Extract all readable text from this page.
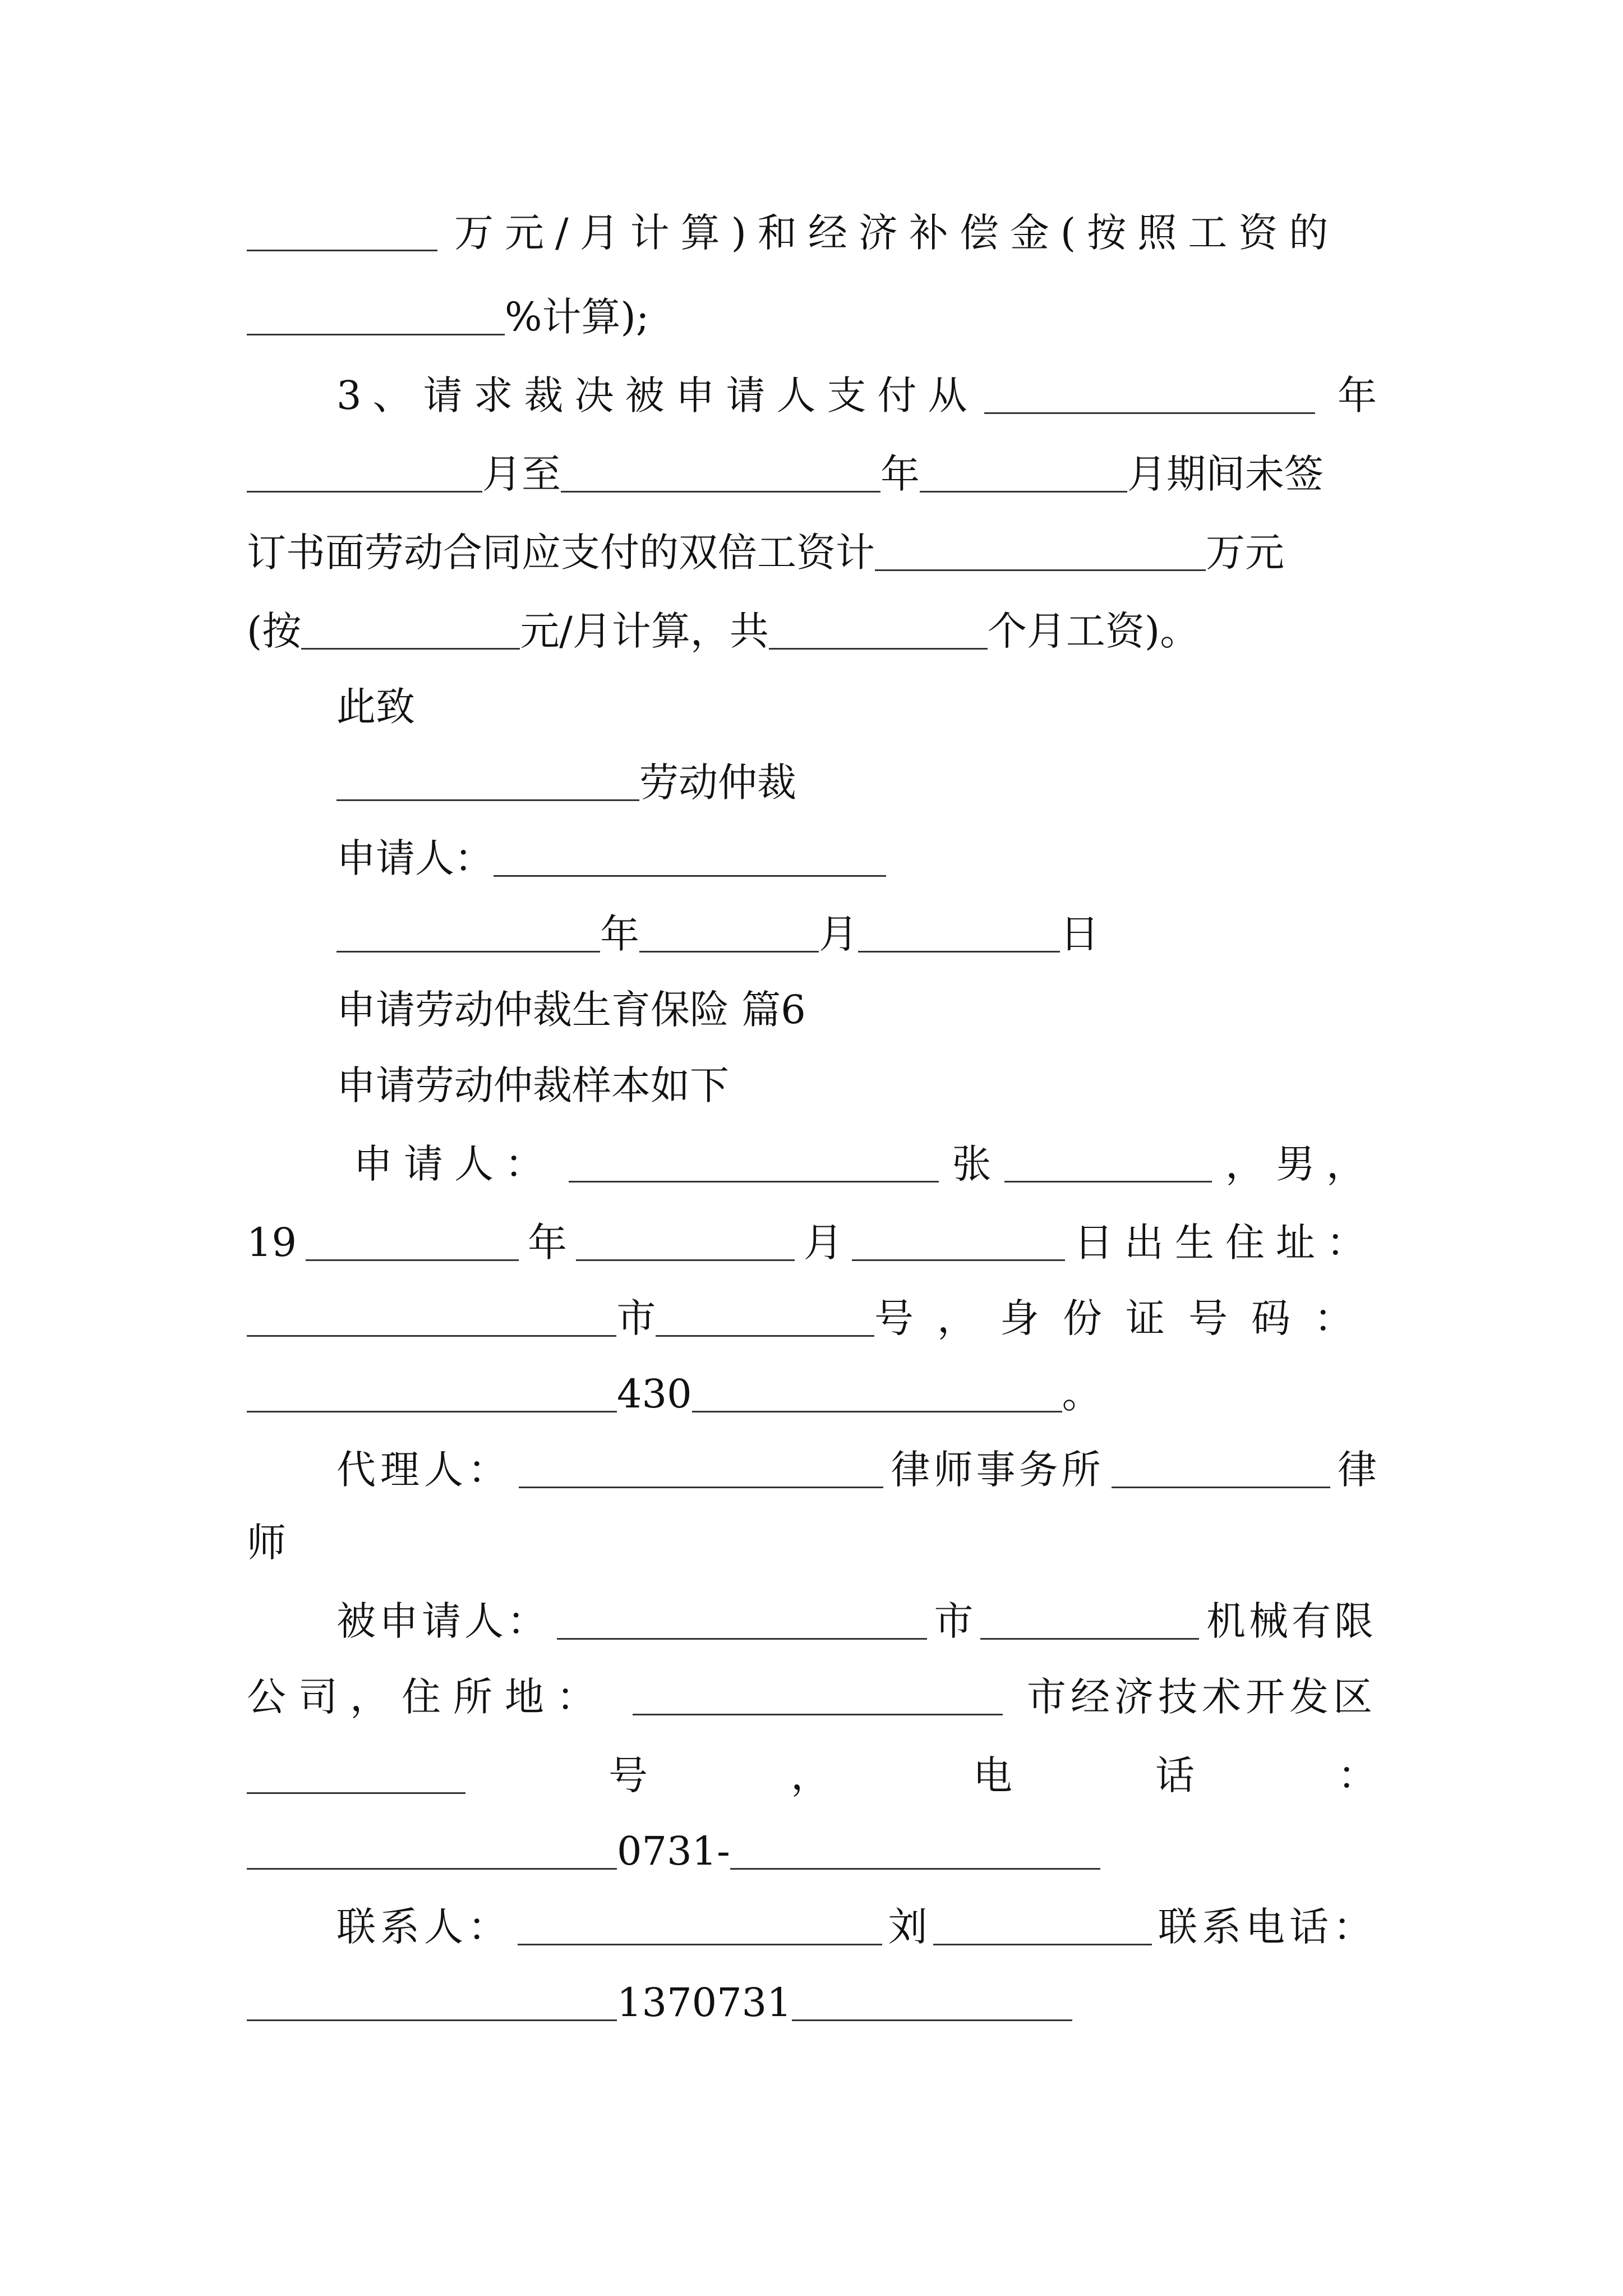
万元/月计算)和经济补偿金(按照工资的
%计算);
3、请求裁决被申请人支付从	年
月至	年	月期间未签
订书面劳动合同应支付的双倍工资计	万元
(按	元/月计算，共	个月工资)。
此致
劳动仲裁
申请人：
年	月	日
申请劳动仲裁生育保险 篇6
申请劳动仲裁样本如下
申请人：	张	，男，
19	年	月	日出生住址：
市	号，身份证号码：
430	。
代理人：	律师事务所	律
师
被申请人：	市	机械有限
公司，住所地：	市经济技术开发区
号	，	电	话	：
0731-
联系人：	刘	联系电话：
1370731
